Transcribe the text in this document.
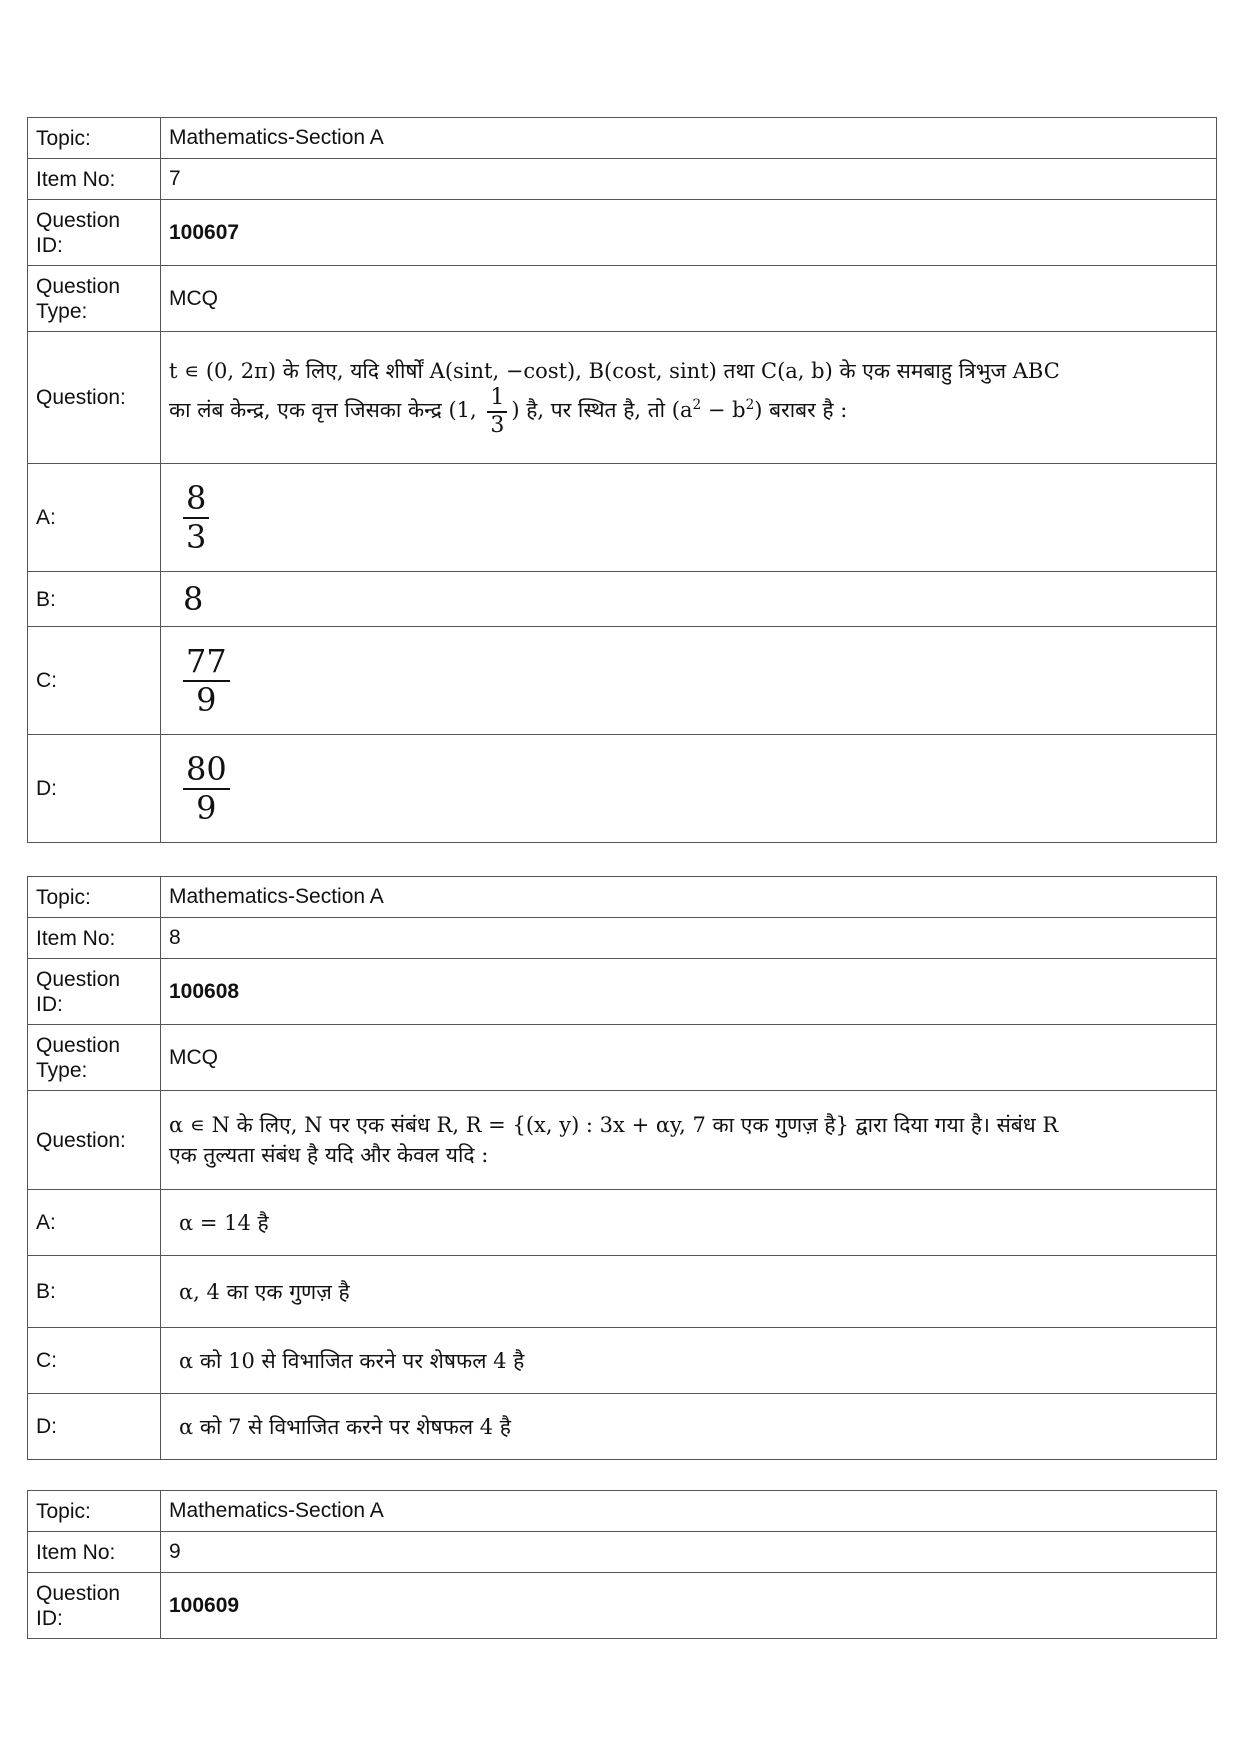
Topic:	Mathematics-Section A
Item No:	7
Question ID:	100607
Question Type:	MCQ
Question:	t ∊ (0, 2π) के लिए, यदि शीर्षों A(sint, −cost), B(cost, sint) तथा C(a, b) के एक समबाहु त्रिभुज ABC
का लंब केन्द्र, एक वृत्त जिसका केन्द्र (1, $\frac{1}{3}$ ) है, पर स्थित है, तो $(a^2 - b^2)$ बराबर है :

A:	$\frac{8}{3}$

B:	8
C:	$\frac{77}{9}$

D:	$\frac{80}{9}$
Topic:	Mathematics-Section A
Item No:	8
Question ID:	100608
Question Type:	MCQ
Question:	α ∊ N के लिए, N पर एक संबंध R, R = {(x, y) : 3x + αy, 7 का एक गुणज़ है} द्वारा दिया गया है। संबंध R
एक तुल्यता संबंध है यदि और केवल यदि :

A:	α = 14 है
B:	α, 4 का एक गुणज़ है
C:	α को 10 से विभाजित करने पर शेषफल 4 है
D:	α को 7 से विभाजित करने पर शेषफल 4 है
Topic:	Mathematics-Section A
Item No:	9
Question ID:	100609
